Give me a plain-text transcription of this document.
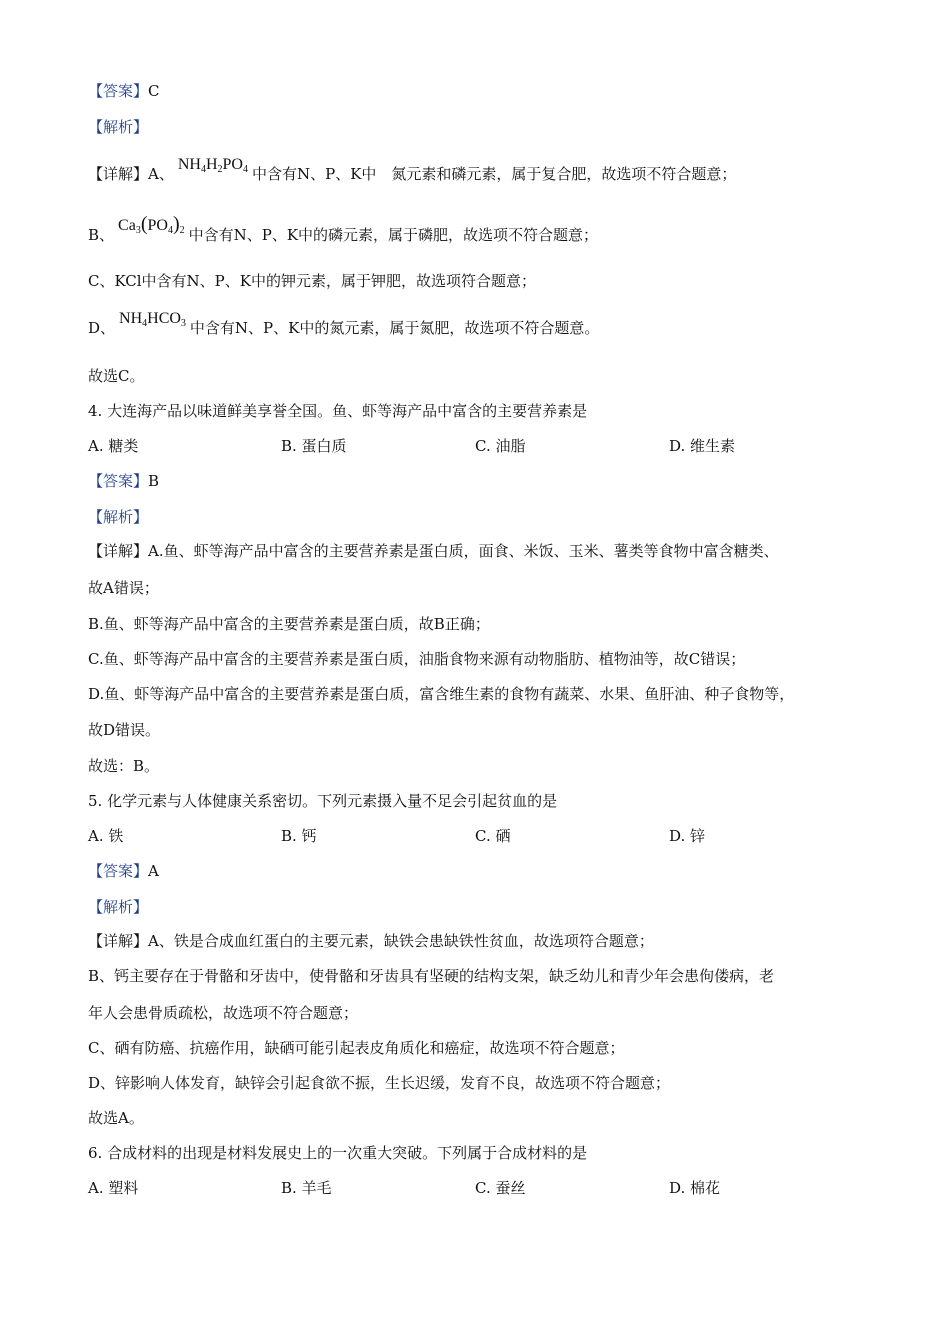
【答案】C
【解析】
【详解】A、$NH_4H_2PO_4$ 中含有N、P、K中　氮元素和磷元素，属于复合肥，故选项不符合题意；
B、$Ca_3(PO_4)_2$ 中含有N、P、K中的磷元素，属于磷肥，故选项不符合题意；
C、KCl中含有N、P、K中的钾元素，属于钾肥，故选项符合题意；
D、$NH_4HCO_3$ 中含有N、P、K中的氮元素，属于氮肥，故选项不符合题意。
故选C。
4. 大连海产品以味道鲜美享誉全国。鱼、虾等海产品中富含的主要营养素是
A. 糖类	B. 蛋白质	C. 油脂	D. 维生素
【答案】B
【解析】
【详解】A.鱼、虾等海产品中富含的主要营养素是蛋白质，面食、米饭、玉米、薯类等食物中富含糖类、
故A错误；
B.鱼、虾等海产品中富含的主要营养素是蛋白质，故B正确；
C.鱼、虾等海产品中富含的主要营养素是蛋白质，油脂食物来源有动物脂肪、植物油等，故C错误；
D.鱼、虾等海产品中富含的主要营养素是蛋白质，富含维生素的食物有蔬菜、水果、鱼肝油、种子食物等，
故D错误。
故选：B。
5. 化学元素与人体健康关系密切。下列元素摄入量不足会引起贫血的是
A. 铁	B. 钙	C. 硒	D. 锌
【答案】A
【解析】
【详解】A、铁是合成血红蛋白的主要元素，缺铁会患缺铁性贫血，故选项符合题意；
B、钙主要存在于骨骼和牙齿中，使骨骼和牙齿具有坚硬的结构支架，缺乏幼儿和青少年会患佝偻病，老
年人会患骨质疏松，故选项不符合题意；
C、硒有防癌、抗癌作用，缺硒可能引起表皮角质化和癌症，故选项不符合题意；
D、锌影响人体发育，缺锌会引起食欲不振，生长迟缓，发育不良，故选项不符合题意；
故选A。
6. 合成材料的出现是材料发展史上的一次重大突破。下列属于合成材料的是
A. 塑料	B. 羊毛	C. 蚕丝	D. 棉花
